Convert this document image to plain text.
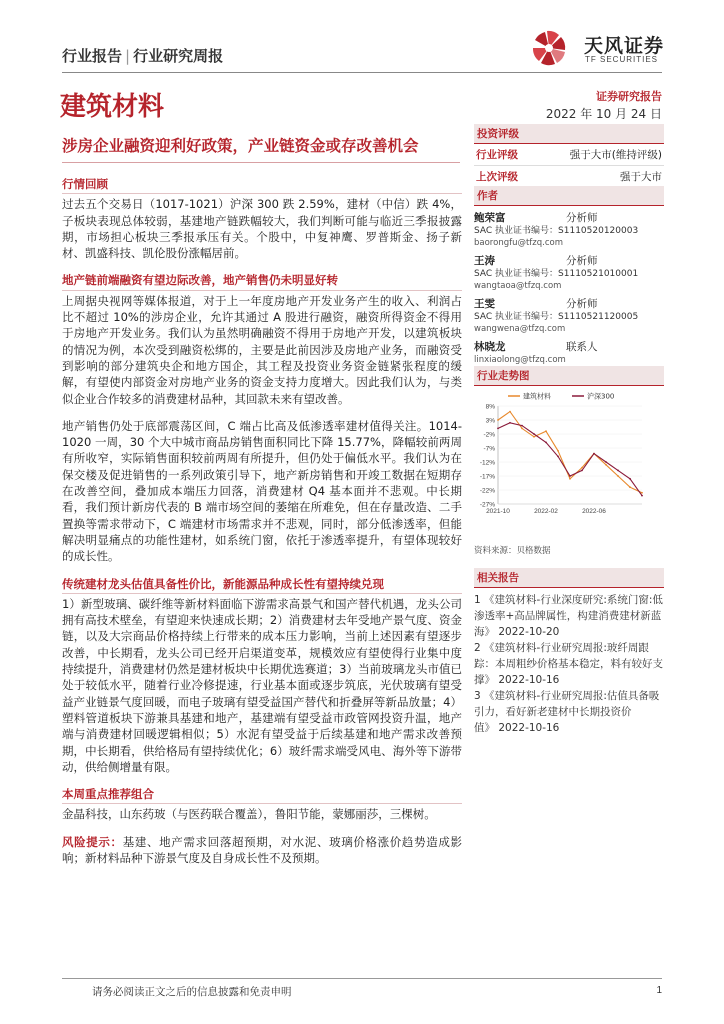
行业报告 | 行业研究周报	天风证券
TF SECURITIES
建筑材料	证券研究报告
2022 年 10 月 24 日
涉房企业融资迎利好政策，产业链资金或存改善机会
行情回顾
过去五个交易日（1017-1021）沪深 300 跌 2.59%，建材（中信）跌 4%，子板块表现总体较弱，基建地产链跌幅较大，我们判断可能与临近三季报披露期，市场担心板块三季报承压有关。个股中，中复神鹰、罗普斯金、扬子新材、凯盛科技、凯伦股份涨幅居前。
地产链前端融资有望边际改善，地产销售仍未明显好转
上周据央视网等媒体报道，对于上一年度房地产开发业务产生的收入、利润占比不超过 10%的涉房企业，允许其通过 A 股进行融资，融资所得资金不得用于房地产开发业务。我们认为虽然明确融资不得用于房地产开发，以建筑板块的情况为例，本次受到融资松绑的，主要是此前因涉及房地产业务，而融资受到影响的部分建筑央企和地方国企，其工程及投资业务资金链紧张程度的缓解，有望使内部资金对房地产业务的资金支持力度增大。因此我们认为，与类似企业合作较多的消费建材品种，其回款未来有望改善。
地产销售仍处于底部震荡区间，C 端占比高及低渗透率建材值得关注。1014-1020 一周，30 个大中城市商品房销售面积同比下降 15.77%，降幅较前两周有所收窄，实际销售面积较前两周有所提升，但仍处于偏低水平。我们认为在保交楼及促进销售的一系列政策引导下，地产新房销售和开竣工数据在短期存在改善空间，叠加成本端压力回落，消费建材 Q4 基本面并不悲观。中长期看，我们预计新房代表的 B 端市场空间的萎缩在所难免，但在存量改造、二手置换等需求带动下，C 端建材市场需求并不悲观，同时，部分低渗透率，但能解决明显痛点的功能性建材，如系统门窗，依托于渗透率提升，有望体现较好的成长性。
传统建材龙头估值具备性价比，新能源品种成长性有望持续兑现
1）新型玻璃、碳纤维等新材料面临下游需求高景气和国产替代机遇，龙头公司拥有高技术壁垒，有望迎来快速成长期；2）消费建材去年受地产景气度、资金链，以及大宗商品价格持续上行带来的成本压力影响，当前上述因素有望逐步改善，中长期看，龙头公司已经开启渠道变革，规模效应有望使得行业集中度持续提升，消费建材仍然是建材板块中长期优选赛道；3）当前玻璃龙头市值已处于较低水平，随着行业冷修提速，行业基本面或逐步筑底，光伏玻璃有望受益产业链景气度回暖，而电子玻璃有望受益国产替代和折叠屏等新品放量；4）塑料管道板块下游兼具基建和地产，基建端有望受益市政管网投资升温，地产端与消费建材回暖逻辑相似；5）水泥有望受益于后续基建和地产需求改善预期，中长期看，供给格局有望持续优化；6）玻纤需求端受风电、海外等下游带动，供给侧增量有限。
本周重点推荐组合
金晶科技，山东药玻（与医药联合覆盖），鲁阳节能，蒙娜丽莎，三棵树。
风险提示：基建、地产需求回落超预期，对水泥、玻璃价格涨价趋势造成影响；新材料品种下游景气度及自身成长性不及预期。
投资评级
行业评级	强于大市(维持评级)
上次评级	强于大市
作者
鲍荣富	分析师
SAC 执业证书编号：S1110520120003
baorongfu@tfzq.com
王涛	分析师
SAC 执业证书编号：S1110521010001
wangtaoa@tfzq.com
王雯	分析师
SAC 执业证书编号：S1110521120005
wangwena@tfzq.com
林晓龙	联系人
linxiaolong@tfzq.com
行业走势图
8%
3%
-2%
-7%
-12%
-17%
-22%
-27%
2021-10	2022-02	2022-06
建筑材料	沪深300
资料来源：贝格数据
相关报告
1 《建筑材料-行业深度研究:系统门窗:低渗透率+高品牌属性，构建消费建材新蓝海》 2022-10-20
2 《建筑材料-行业研究周报:玻纤周跟踪：本周粗纱价格基本稳定，料有较好支撑》 2022-10-16
3 《建筑材料-行业研究周报:估值具备吸引力，看好新老建材中长期投资价值》 2022-10-16
请务必阅读正文之后的信息披露和免责申明	1
